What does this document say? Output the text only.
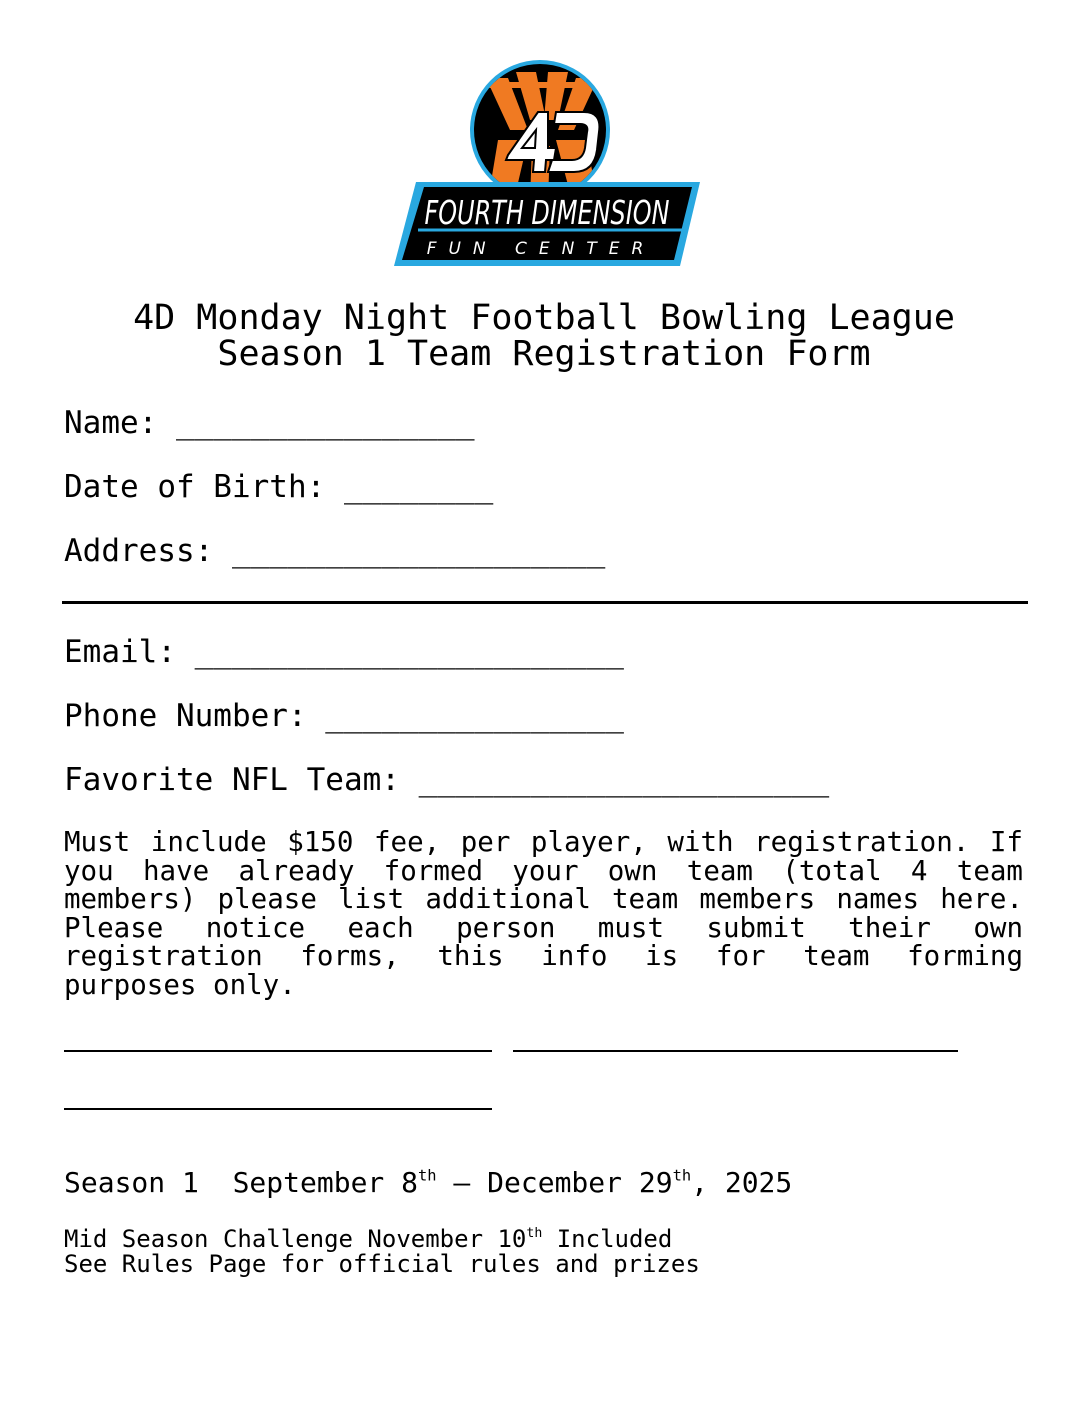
FOURTH DIMENSION
FUN CENTER
4D Monday Night Football Bowling League
Season 1 Team Registration Form
Name: ________________
Date of Birth: ________
Address: ____________________
Email: _______________________
Phone Number: ________________
Favorite NFL Team: ______________________

Must include $150 fee, per player, with registration. If you have already formed your own team (total 4 team members) please list additional team members names here. Please notice each person must submit their own registration forms, this info is for team forming purposes only.

Season 1  September 8th – December 29th, 2025
Mid Season Challenge November 10th Included
See Rules Page for official rules and prizes
